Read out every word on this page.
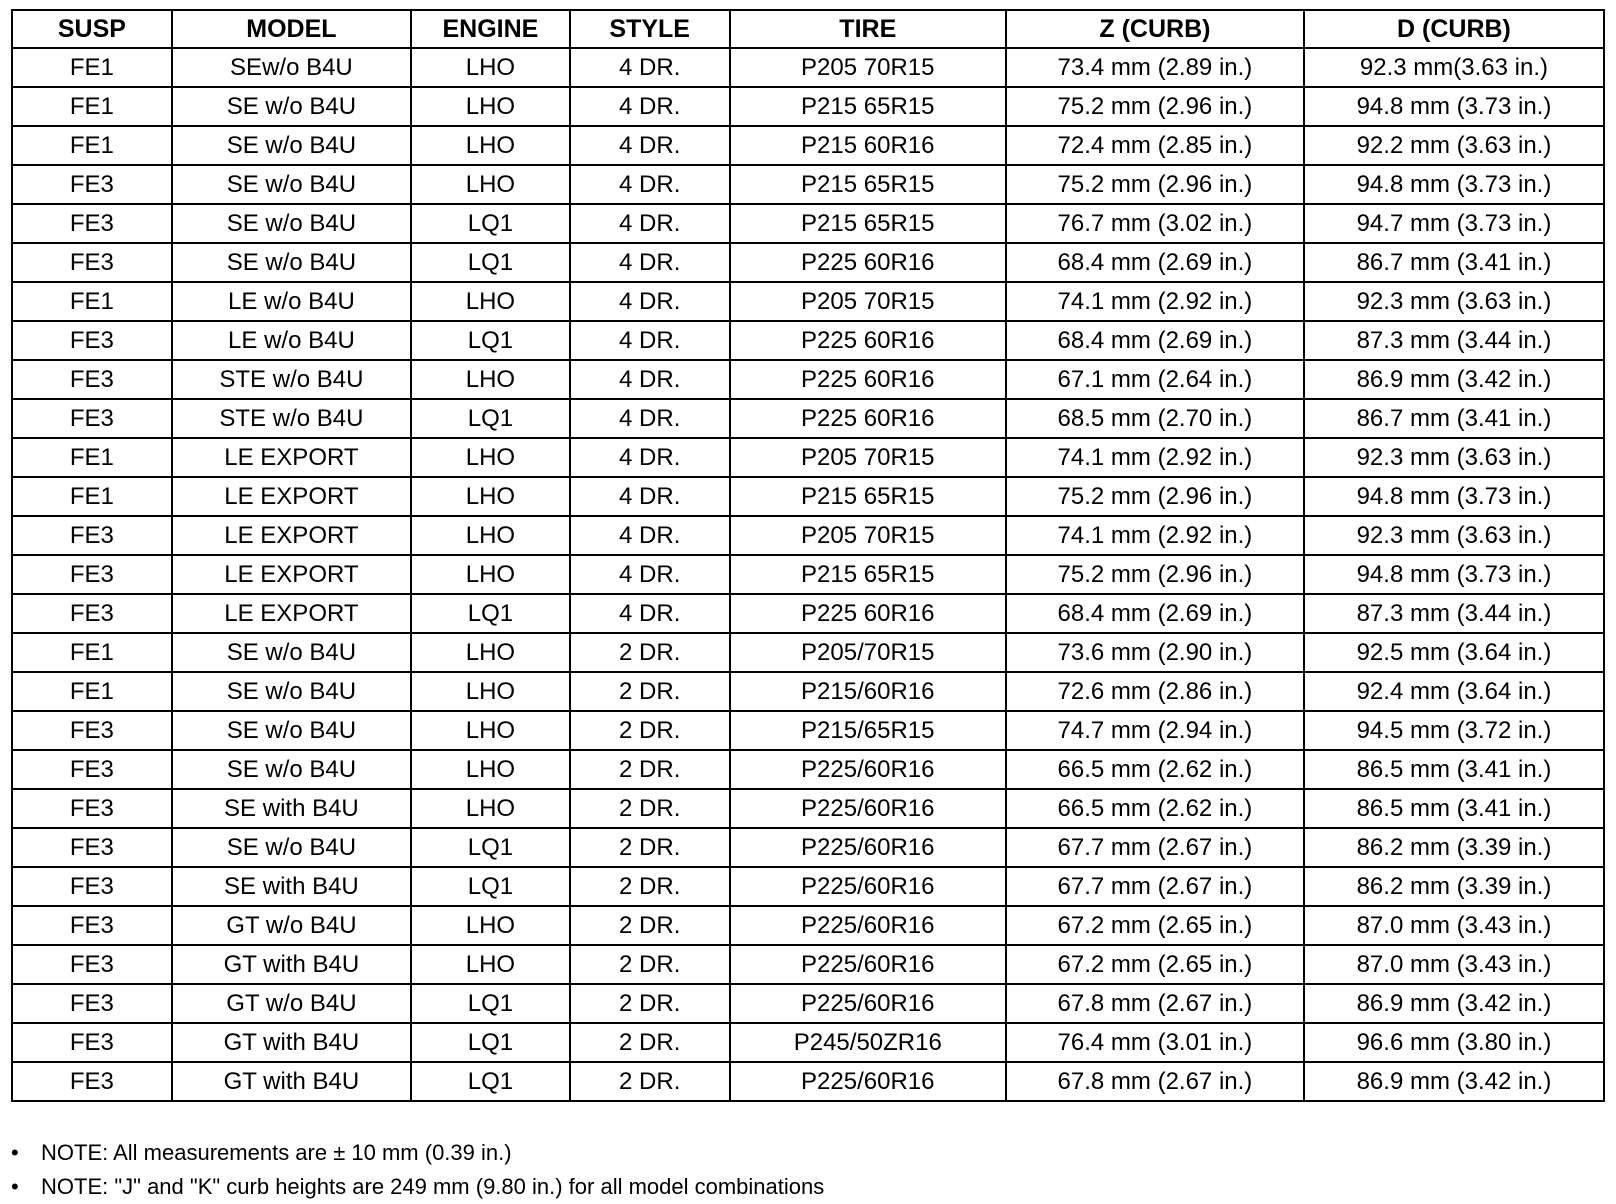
SUSP	MODEL	ENGINE	STYLE	TIRE	Z (CURB)	D (CURB)
FE1	SEw/o B4U	LHO	4 DR.	P205 70R15	73.4 mm (2.89 in.)	92.3 mm(3.63 in.)
FE1	SE w/o B4U	LHO	4 DR.	P215 65R15	75.2 mm (2.96 in.)	94.8 mm (3.73 in.)
FE1	SE w/o B4U	LHO	4 DR.	P215 60R16	72.4 mm (2.85 in.)	92.2 mm (3.63 in.)
FE3	SE w/o B4U	LHO	4 DR.	P215 65R15	75.2 mm (2.96 in.)	94.8 mm (3.73 in.)
FE3	SE w/o B4U	LQ1	4 DR.	P215 65R15	76.7 mm (3.02 in.)	94.7 mm (3.73 in.)
FE3	SE w/o B4U	LQ1	4 DR.	P225 60R16	68.4 mm (2.69 in.)	86.7 mm (3.41 in.)
FE1	LE w/o B4U	LHO	4 DR.	P205 70R15	74.1 mm (2.92 in.)	92.3 mm (3.63 in.)
FE3	LE w/o B4U	LQ1	4 DR.	P225 60R16	68.4 mm (2.69 in.)	87.3 mm (3.44 in.)
FE3	STE w/o B4U	LHO	4 DR.	P225 60R16	67.1 mm (2.64 in.)	86.9 mm (3.42 in.)
FE3	STE w/o B4U	LQ1	4 DR.	P225 60R16	68.5 mm (2.70 in.)	86.7 mm (3.41 in.)
FE1	LE EXPORT	LHO	4 DR.	P205 70R15	74.1 mm (2.92 in.)	92.3 mm (3.63 in.)
FE1	LE EXPORT	LHO	4 DR.	P215 65R15	75.2 mm (2.96 in.)	94.8 mm (3.73 in.)
FE3	LE EXPORT	LHO	4 DR.	P205 70R15	74.1 mm (2.92 in.)	92.3 mm (3.63 in.)
FE3	LE EXPORT	LHO	4 DR.	P215 65R15	75.2 mm (2.96 in.)	94.8 mm (3.73 in.)
FE3	LE EXPORT	LQ1	4 DR.	P225 60R16	68.4 mm (2.69 in.)	87.3 mm (3.44 in.)
FE1	SE w/o B4U	LHO	2 DR.	P205/70R15	73.6 mm (2.90 in.)	92.5 mm (3.64 in.)
FE1	SE w/o B4U	LHO	2 DR.	P215/60R16	72.6 mm (2.86 in.)	92.4 mm (3.64 in.)
FE3	SE w/o B4U	LHO	2 DR.	P215/65R15	74.7 mm (2.94 in.)	94.5 mm (3.72 in.)
FE3	SE w/o B4U	LHO	2 DR.	P225/60R16	66.5 mm (2.62 in.)	86.5 mm (3.41 in.)
FE3	SE with B4U	LHO	2 DR.	P225/60R16	66.5 mm (2.62 in.)	86.5 mm (3.41 in.)
FE3	SE w/o B4U	LQ1	2 DR.	P225/60R16	67.7 mm (2.67 in.)	86.2 mm (3.39 in.)
FE3	SE with B4U	LQ1	2 DR.	P225/60R16	67.7 mm (2.67 in.)	86.2 mm (3.39 in.)
FE3	GT w/o B4U	LHO	2 DR.	P225/60R16	67.2 mm (2.65 in.)	87.0 mm (3.43 in.)
FE3	GT with B4U	LHO	2 DR.	P225/60R16	67.2 mm (2.65 in.)	87.0 mm (3.43 in.)
FE3	GT w/o B4U	LQ1	2 DR.	P225/60R16	67.8 mm (2.67 in.)	86.9 mm (3.42 in.)
FE3	GT with B4U	LQ1	2 DR.	P245/50ZR16	76.4 mm (3.01 in.)	96.6 mm (3.80 in.)
FE3	GT with B4U	LQ1	2 DR.	P225/60R16	67.8 mm (2.67 in.)	86.9 mm (3.42 in.)
• NOTE: All measurements are ± 10 mm (0.39 in.)
• NOTE: "J" and "K" curb heights are 249 mm (9.80 in.) for all model combinations
